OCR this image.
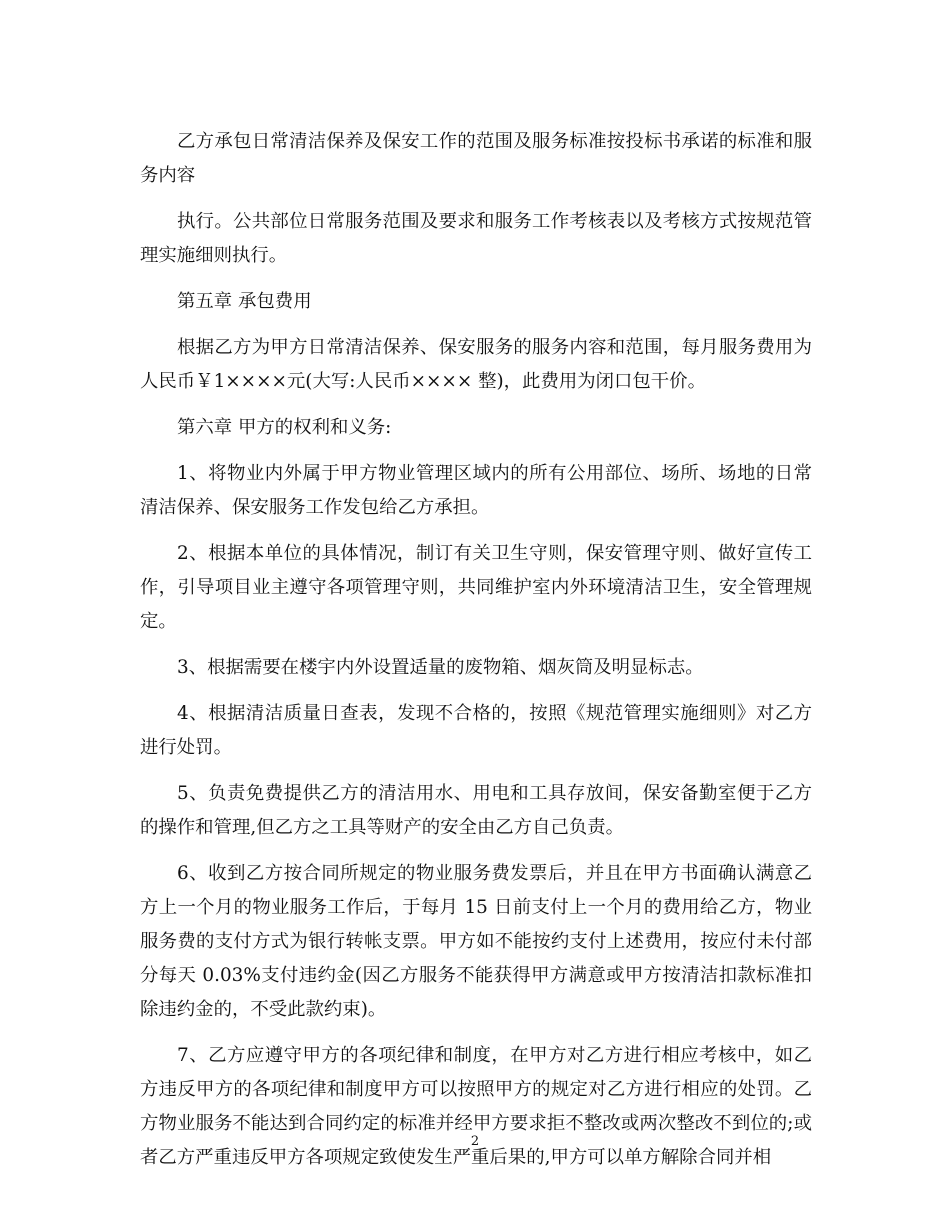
乙方承包日常清洁保养及保安工作的范围及服务标准按投标书承诺的标准和服务内容

执行。公共部位日常服务范围及要求和服务工作考核表以及考核方式按规范管理实施细则执行。

第五章 承包费用

根据乙方为甲方日常清洁保养、保安服务的服务内容和范围，每月服务费用为人民币￥1××××元(大写:人民币×××× 整)，此费用为闭口包干价。

第六章 甲方的权利和义务:

1、将物业内外属于甲方物业管理区域内的所有公用部位、场所、场地的日常清洁保养、保安服务工作发包给乙方承担。

2、根据本单位的具体情况，制订有关卫生守则，保安管理守则、做好宣传工作，引导项目业主遵守各项管理守则，共同维护室内外环境清洁卫生，安全管理规定。

3、根据需要在楼宇内外设置适量的废物箱、烟灰筒及明显标志。

4、根据清洁质量日查表，发现不合格的，按照《规范管理实施细则》对乙方进行处罚。

5、负责免费提供乙方的清洁用水、用电和工具存放间，保安备勤室便于乙方的操作和管理,但乙方之工具等财产的安全由乙方自己负责。

6、收到乙方按合同所规定的物业服务费发票后，并且在甲方书面确认满意乙方上一个月的物业服务工作后，于每月 15 日前支付上一个月的费用给乙方，物业服务费的支付方式为银行转帐支票。甲方如不能按约支付上述费用，按应付未付部分每天 0.03%支付违约金(因乙方服务不能获得甲方满意或甲方按清洁扣款标准扣除违约金的，不受此款约束)。

7、乙方应遵守甲方的各项纪律和制度，在甲方对乙方进行相应考核中，如乙方违反甲方的各项纪律和制度甲方可以按照甲方的规定对乙方进行相应的处罚。乙方物业服务不能达到合同约定的标准并经甲方要求拒不整改或两次整改不到位的;或者乙方严重违反甲方各项规定致使发生严重后果的,甲方可以单方解除合同并相

2
